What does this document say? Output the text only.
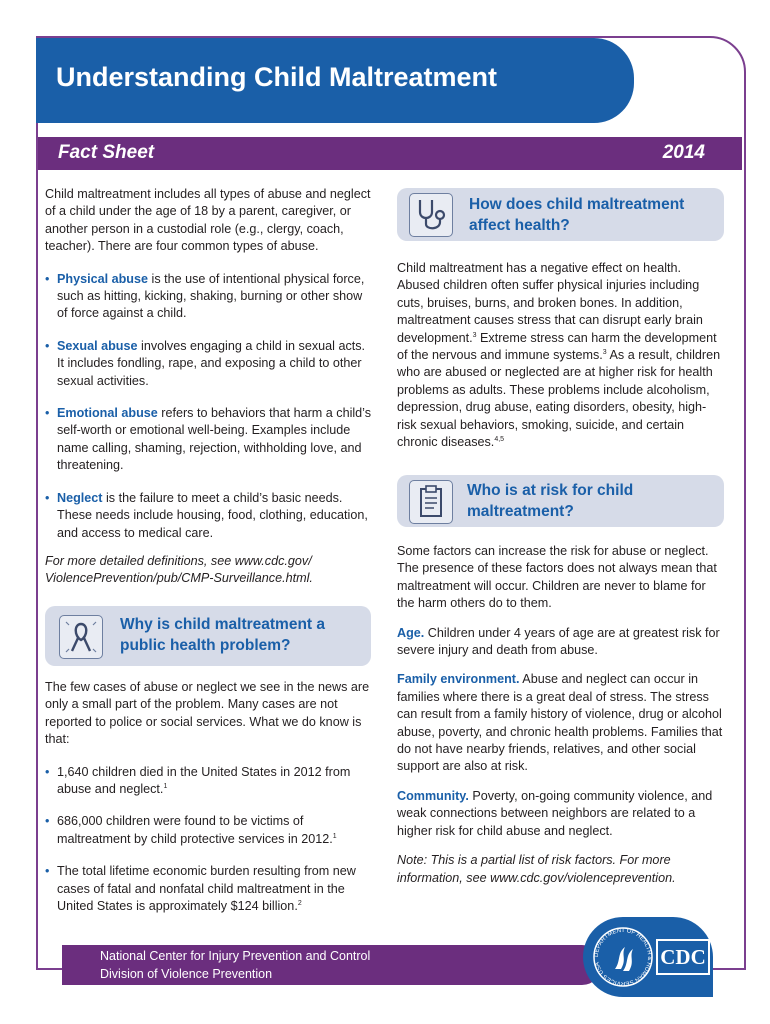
Understanding Child Maltreatment
Fact Sheet	2014

Child maltreatment includes all types of abuse and neglect of a child under the age of 18 by a parent, caregiver, or another person in a custodial role (e.g., clergy, coach, teacher). There are four common types of abuse.

• Physical abuse is the use of intentional physical force, such as hitting, kicking, shaking, burning or other show of force against a child.

• Sexual abuse involves engaging a child in sexual acts. It includes fondling, rape, and exposing a child to other sexual activities.

• Emotional abuse refers to behaviors that harm a child’s self-worth or emotional well-being. Examples include name calling, shaming, rejection, withholding love, and threatening.

• Neglect is the failure to meet a child’s basic needs. These needs include housing, food, clothing, education, and access to medical care.

For more detailed definitions, see www.cdc.gov/ ViolencePrevention/pub/CMP-Surveillance.html.

Why is child maltreatment a public health problem?

The few cases of abuse or neglect we see in the news are only a small part of the problem. Many cases are not reported to police or social services. What we do know is that:

• 1,640 children died in the United States in 2012 from abuse and neglect.$^1$

• 686,000 children were found to be victims of maltreatment by child protective services in 2012.$^1$

• The total lifetime economic burden resulting from new cases of fatal and nonfatal child maltreatment in the United States is approximately $124 billion.$^2$

How does child maltreatment affect health?

Child maltreatment has a negative effect on health. Abused children often suffer physical injuries including cuts, bruises, burns, and broken bones. In addition, maltreatment causes stress that can disrupt early brain development.$^3$ Extreme stress can harm the development of the nervous and immune systems.$^3$ As a result, children who are abused or neglected are at higher risk for health problems as adults. These problems include alcoholism, depression, drug abuse, eating disorders, obesity, high-risk sexual behaviors, smoking, suicide, and certain chronic diseases.$^{4,5}$

Who is at risk for child maltreatment?

Some factors can increase the risk for abuse or neglect. The presence of these factors does not always mean that maltreatment will occur. Children are never to blame for the harm others do to them.

Age. Children under 4 years of age are at greatest risk for severe injury and death from abuse.

Family environment. Abuse and neglect can occur in families where there is a great deal of stress. The stress can result from a family history of violence, drug or alcohol abuse, poverty, and chronic health problems. Families that do not have nearby friends, relatives, and other social support are also at risk.

Community. Poverty, on-going community violence, and weak connections between neighbors are related to a higher risk for child abuse and neglect.

Note: This is a partial list of risk factors. For more information, see www.cdc.gov/violenceprevention.

National Center for Injury Prevention and Control
Division of Violence Prevention
DEPARTMENT OF HEALTH & HUMAN SERVICES USA	CDC
